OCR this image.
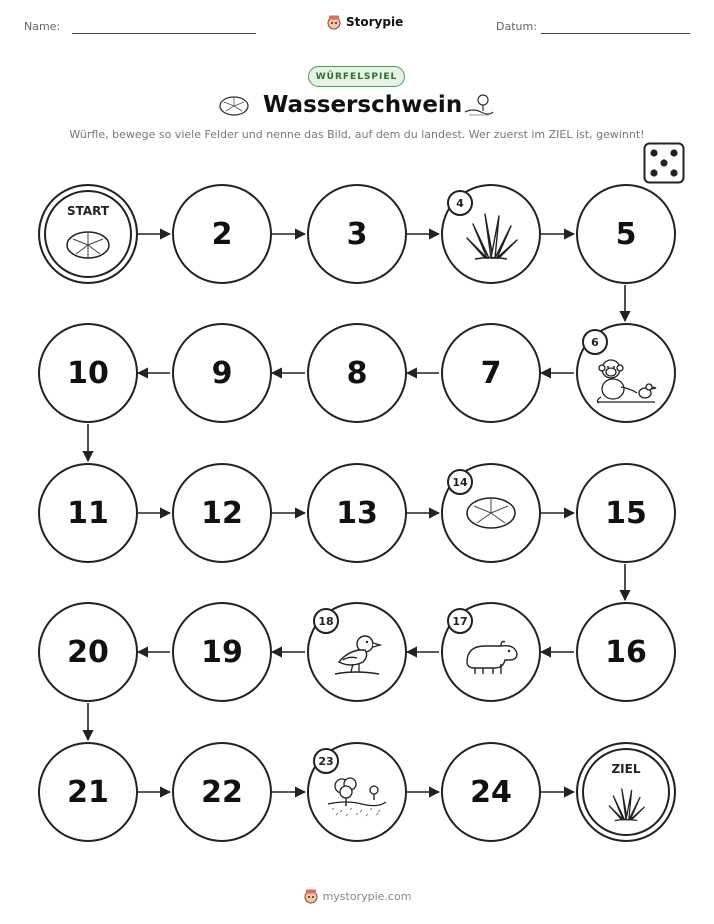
Name:	Storypie	Datum:
WÜRFELSPIEL
Wasserschwein
Würfle, bewege so viele Felder und nenne das Bild, auf dem du landest. Wer zuerst im ZIEL ist, gewinnt!
START
2	3
4
5
10	9	8	7
6
11	12	13
14
15
20	19
18	17
16
21	22
23
24
ZIEL
mystorypie.com
